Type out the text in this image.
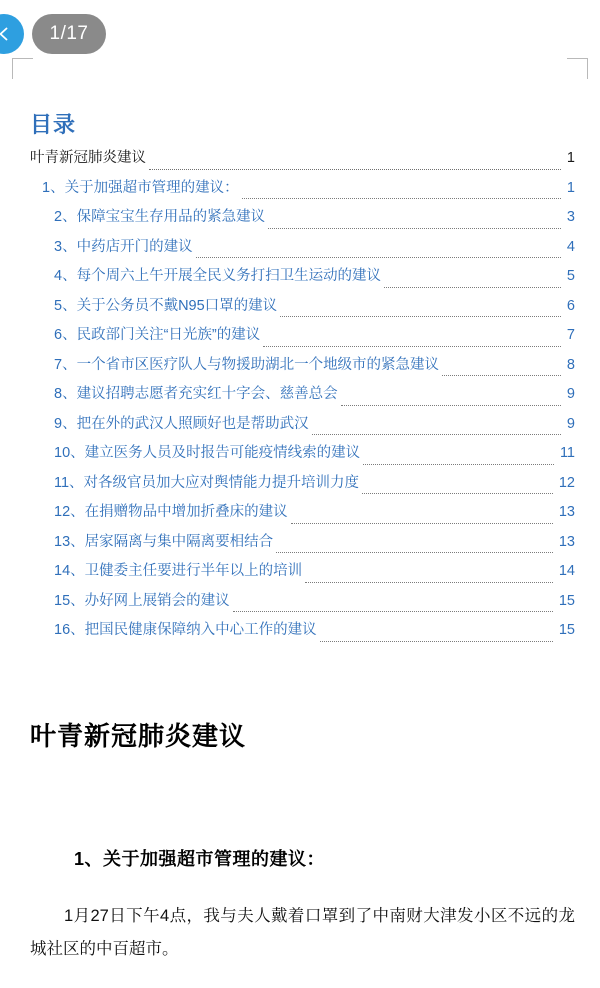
目录
叶青新冠肺炎建议	1
1、关于加强超市管理的建议：	1
2、保障宝宝生存用品的紧急建议	3
3、中药店开门的建议	4
4、每个周六上午开展全民义务打扫卫生运动的建议	5
5、关于公务员不戴N95口罩的建议	6
6、民政部门关注“日光族”的建议	7
7、一个省市区医疗队人与物援助湖北一个地级市的紧急建议	8
8、建议招聘志愿者充实红十字会、慈善总会	9
9、把在外的武汉人照顾好也是帮助武汉	9
10、建立医务人员及时报告可能疫情线索的建议	11
11、对各级官员加大应对舆情能力提升培训力度	12
12、在捐赠物品中增加折叠床的建议	13
13、居家隔离与集中隔离要相结合	13
14、卫健委主任要进行半年以上的培训	14
15、办好网上展销会的建议	15
16、把国民健康保障纳入中心工作的建议	15
叶青新冠肺炎建议
1、关于加强超市管理的建议：
1月27日下午4点，我与夫人戴着口罩到了中南财大津发小区不远的龙城社区的中百超市。
1/17
